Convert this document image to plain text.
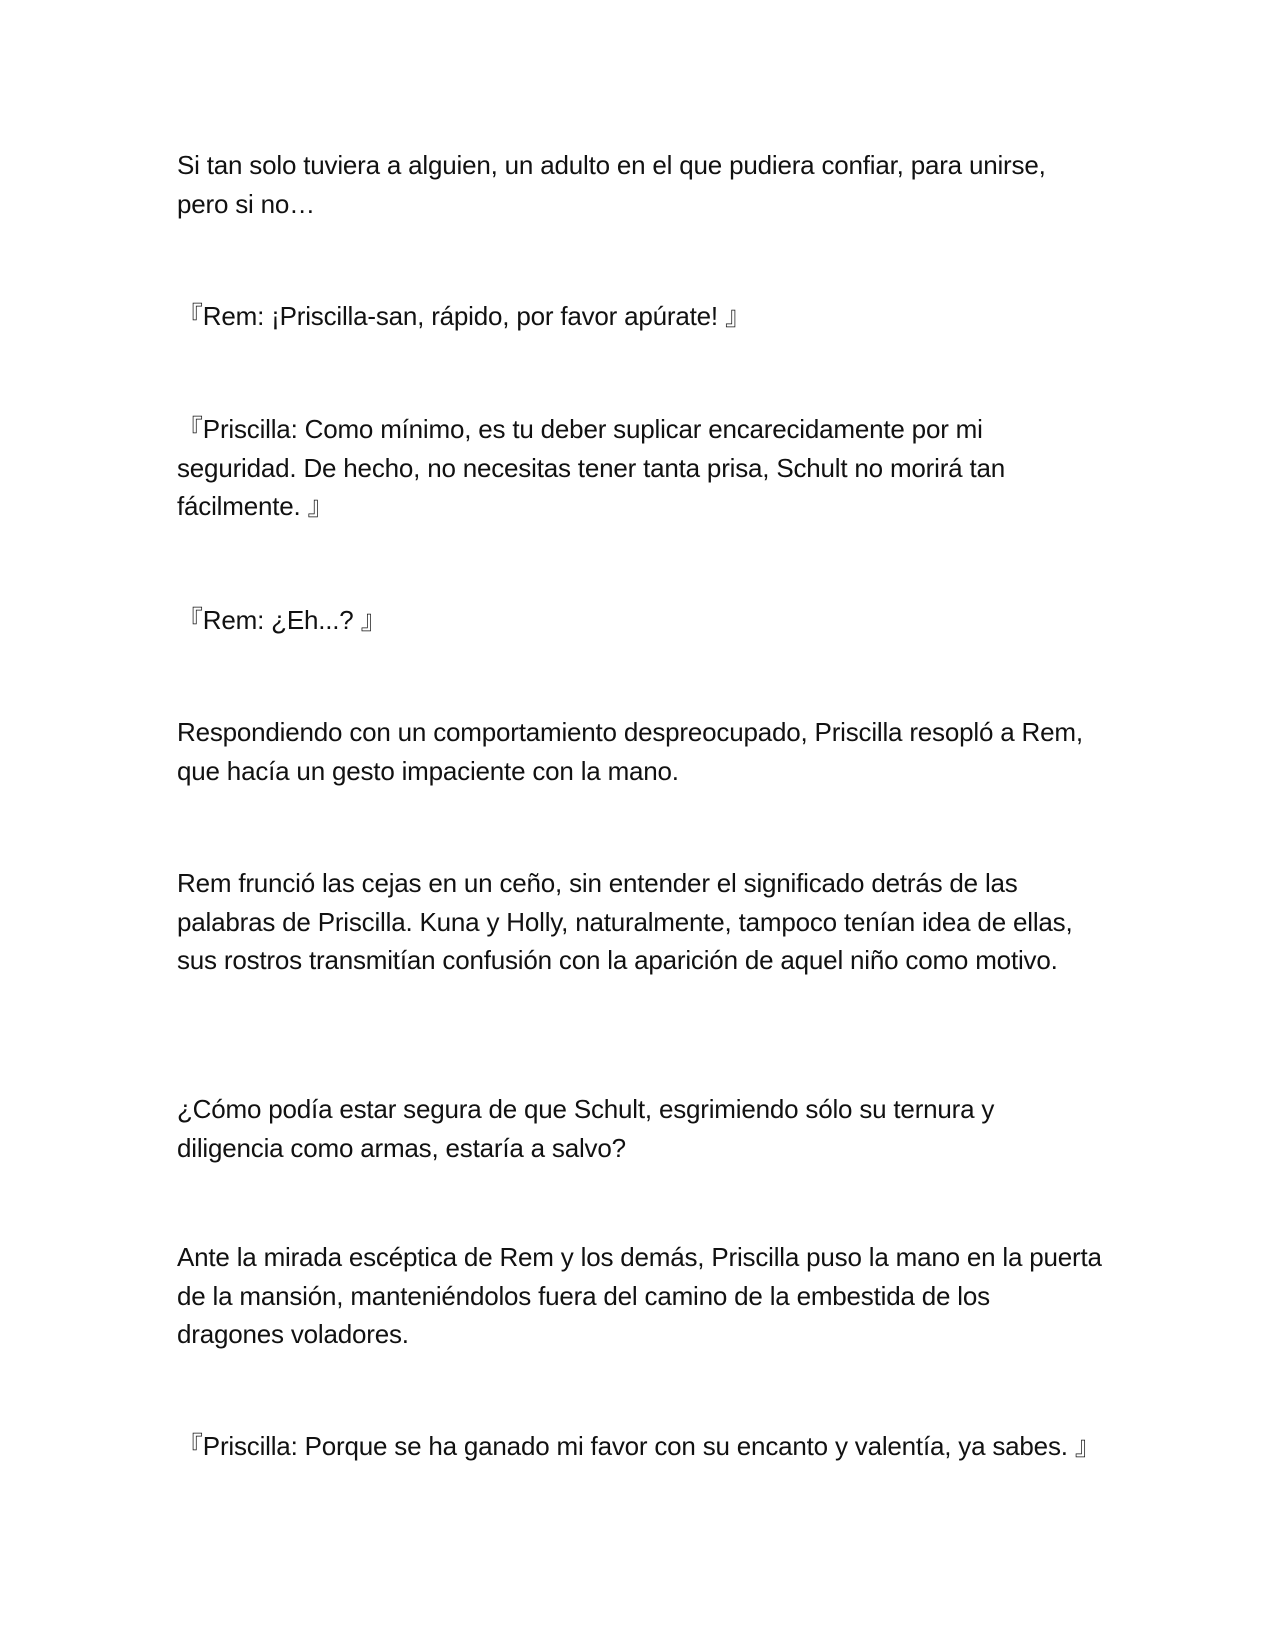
Si tan solo tuviera a alguien, un adulto en el que pudiera confiar, para unirse, pero si no…

『Rem: ¡Priscilla-san, rápido, por favor apúrate! 』

『Priscilla: Como mínimo, es tu deber suplicar encarecidamente por mi seguridad. De hecho, no necesitas tener tanta prisa, Schult no morirá tan fácilmente. 』

『Rem: ¿Eh...? 』

Respondiendo con un comportamiento despreocupado, Priscilla resopló a Rem, que hacía un gesto impaciente con la mano.

Rem frunció las cejas en un ceño, sin entender el significado detrás de las palabras de Priscilla. Kuna y Holly, naturalmente, tampoco tenían idea de ellas, sus rostros transmitían confusión con la aparición de aquel niño como motivo.

¿Cómo podía estar segura de que Schult, esgrimiendo sólo su ternura y diligencia como armas, estaría a salvo?

Ante la mirada escéptica de Rem y los demás, Priscilla puso la mano en la puerta de la mansión, manteniéndolos fuera del camino de la embestida de los dragones voladores.

『Priscilla: Porque se ha ganado mi favor con su encanto y valentía, ya sabes. 』
